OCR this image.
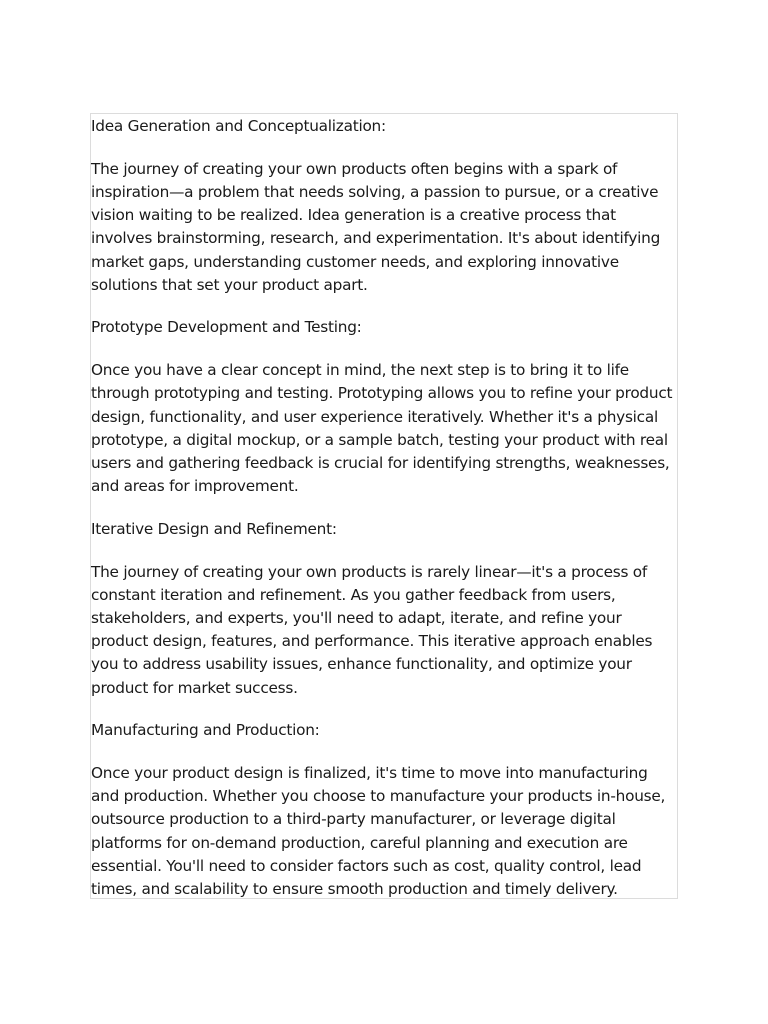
Idea Generation and Conceptualization:

The journey of creating your own products often begins with a spark of inspiration—a problem that needs solving, a passion to pursue, or a creative vision waiting to be realized. Idea generation is a creative process that involves brainstorming, research, and experimentation. It's about identifying market gaps, understanding customer needs, and exploring innovative solutions that set your product apart.

Prototype Development and Testing:

Once you have a clear concept in mind, the next step is to bring it to life through prototyping and testing. Prototyping allows you to refine your product design, functionality, and user experience iteratively. Whether it's a physical prototype, a digital mockup, or a sample batch, testing your product with real users and gathering feedback is crucial for identifying strengths, weaknesses, and areas for improvement.

Iterative Design and Refinement:

The journey of creating your own products is rarely linear—it's a process of constant iteration and refinement. As you gather feedback from users, stakeholders, and experts, you'll need to adapt, iterate, and refine your product design, features, and performance. This iterative approach enables you to address usability issues, enhance functionality, and optimize your product for market success.

Manufacturing and Production:

Once your product design is finalized, it's time to move into manufacturing and production. Whether you choose to manufacture your products in-house, outsource production to a third-party manufacturer, or leverage digital platforms for on-demand production, careful planning and execution are essential. You'll need to consider factors such as cost, quality control, lead times, and scalability to ensure smooth production and timely delivery.
